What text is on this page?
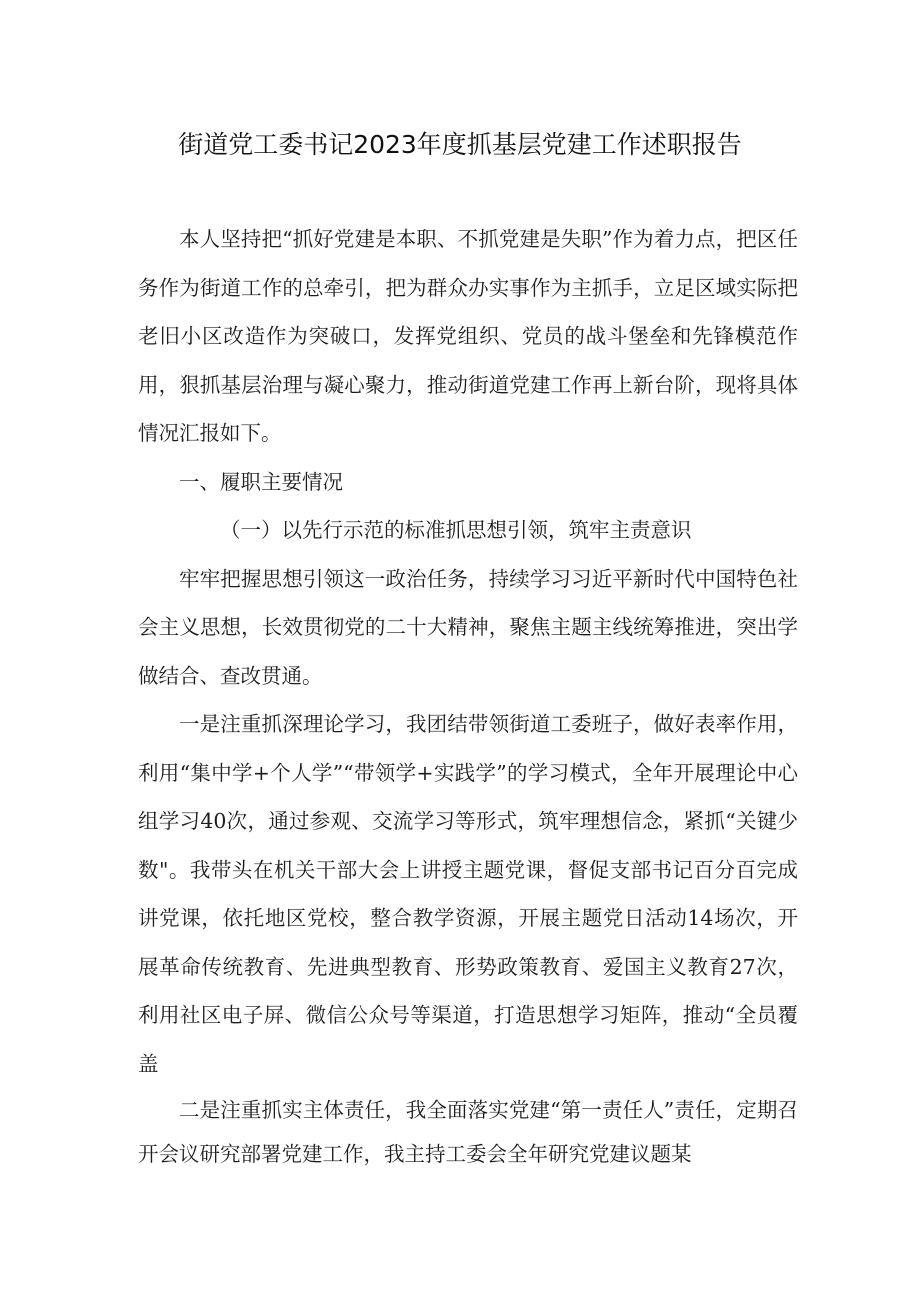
街道党工委书记2023年度抓基层党建工作述职报告

本人坚持把“抓好党建是本职、不抓党建是失职”作为着力点，把区任务作为街道工作的总牵引，把为群众办实事作为主抓手，立足区域实际把老旧小区改造作为突破口，发挥党组织、党员的战斗堡垒和先锋模范作用，狠抓基层治理与凝心聚力，推动街道党建工作再上新台阶，现将具体情况汇报如下。

一、履职主要情况

（一）以先行示范的标准抓思想引领，筑牢主责意识

牢牢把握思想引领这一政治任务，持续学习习近平新时代中国特色社会主义思想，长效贯彻党的二十大精神，聚焦主题主线统筹推进，突出学做结合、查改贯通。

一是注重抓深理论学习，我团结带领街道工委班子，做好表率作用，利用“集中学+个人学”“带领学+实践学”的学习模式，全年开展理论中心组学习40次，通过参观、交流学习等形式，筑牢理想信念，紧抓“关键少数"。我带头在机关干部大会上讲授主题党课，督促支部书记百分百完成讲党课，依托地区党校，整合教学资源，开展主题党日活动14场次，开展革命传统教育、先进典型教育、形势政策教育、爱国主义教育27次，利用社区电子屏、微信公众号等渠道，打造思想学习矩阵，推动“全员覆盖

二是注重抓实主体责任，我全面落实党建“第一责任人”责任，定期召开会议研究部署党建工作，我主持工委会全年研究党建议题某
